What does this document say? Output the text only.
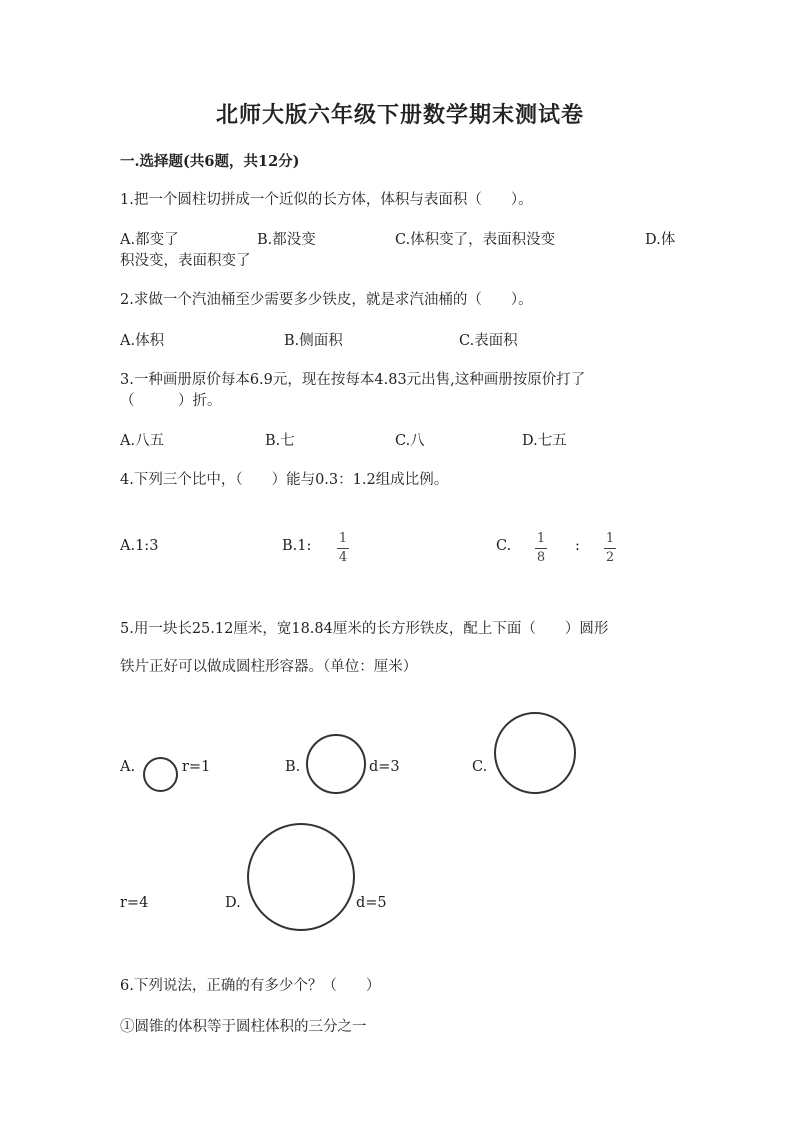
北师大版六年级下册数学期末测试卷
一.选择题(共6题，共12分)
1.把一个圆柱切拼成一个近似的长方体，体积与表面积（　　）。
A.都变了	B.都没变	C.体积变了，表面积没变	D.体
积没变，表面积变了
2.求做一个汽油桶至少需要多少铁皮，就是求汽油桶的（　　）。
A.体积	B.侧面积	C.表面积
3.一种画册原价每本6.9元，现在按每本4.83元出售,这种画册按原价打了
（　　　）折。
A.八五	B.七	C.八	D.七五
4.下列三个比中，（　　）能与0.3：1.2组成比例。
A.1:3	B.1: 1
4
C. 1
8
: 1
2
5.用一块长25.12厘米，宽18.84厘米的长方形铁皮，配上下面（　　）圆形
铁片正好可以做成圆柱形容器。（单位：厘米）
A.	r=1	B.	d=3	C.
r=4	D.	d=5
6.下列说法，正确的有多少个？（　　）
①圆锥的体积等于圆柱体积的三分之一
